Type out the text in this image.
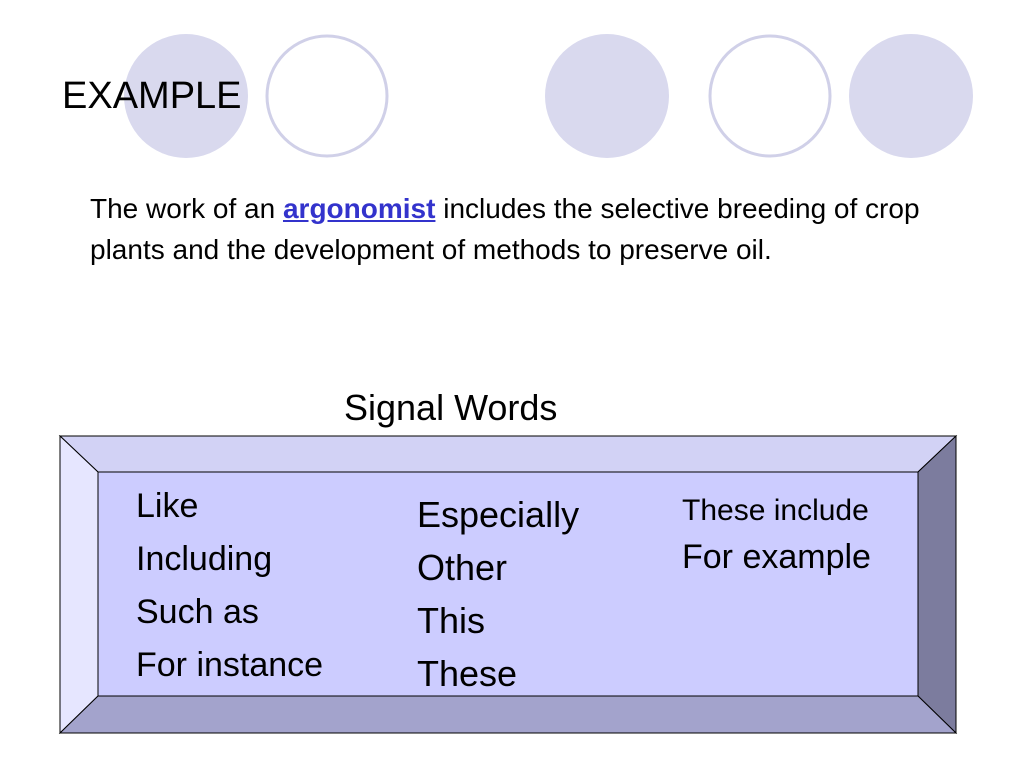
EXAMPLE
The work of an argonomist includes the selective breeding of crop plants and the development of methods to preserve oil.
Signal Words
Like
Including
Such as
For instance
Especially
Other
This
These
These include
For example
